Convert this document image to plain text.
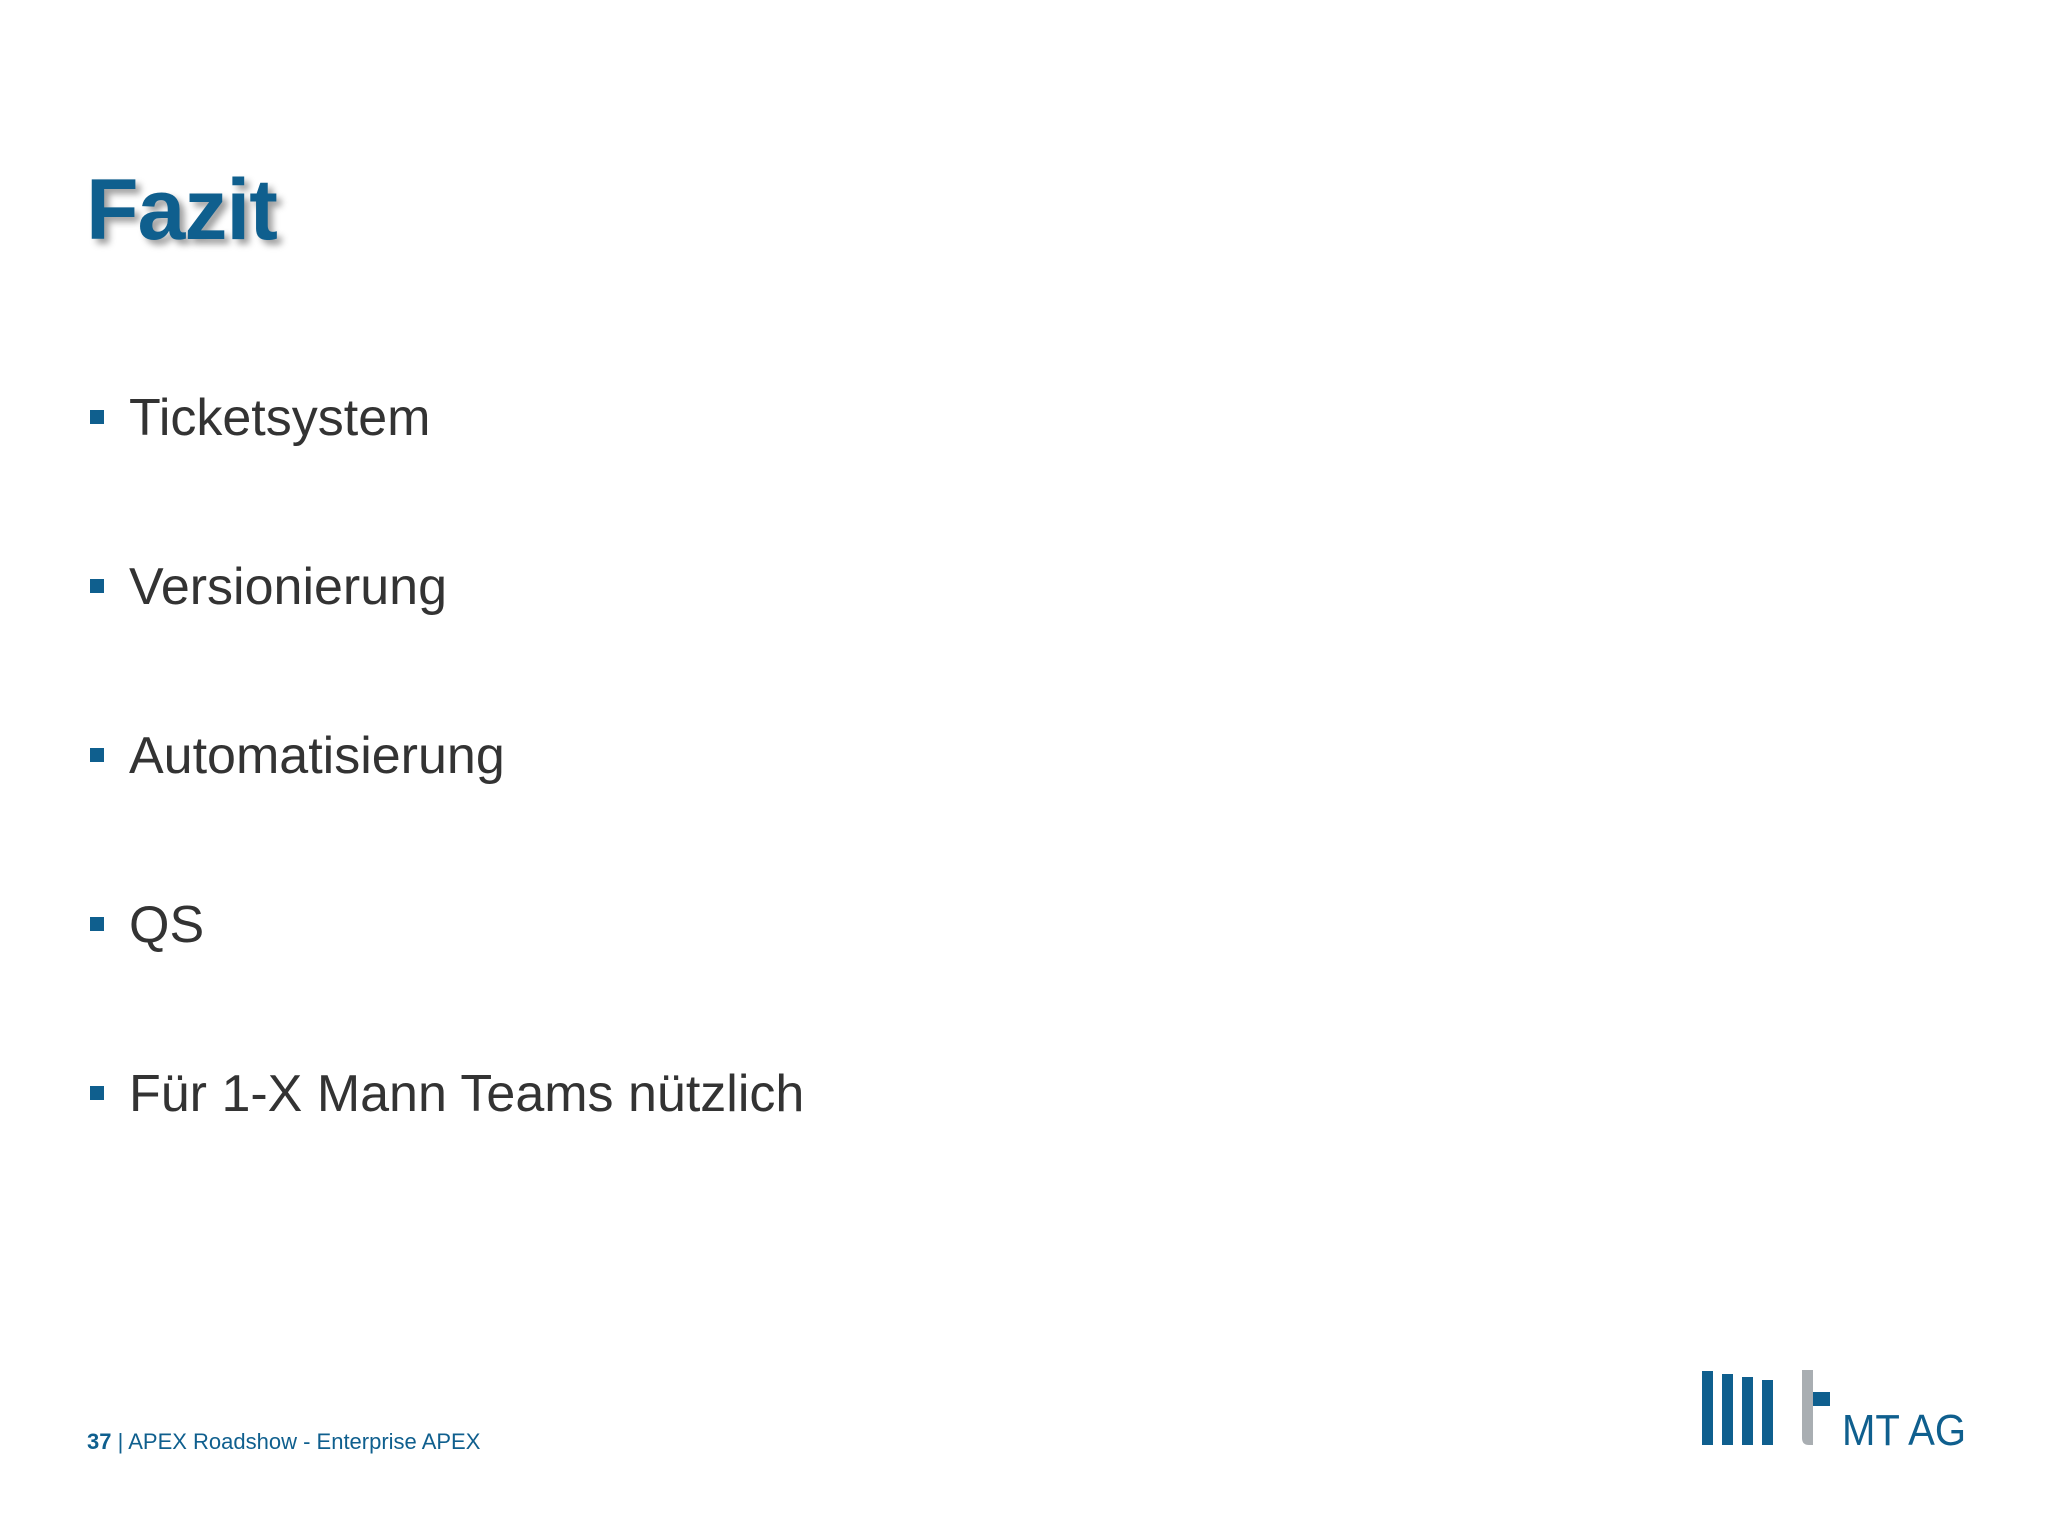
Fazit
Ticketsystem
Versionierung
Automatisierung
QS
Für 1-X Mann Teams nützlich
37 | APEX Roadshow - Enterprise APEX	MT AG
